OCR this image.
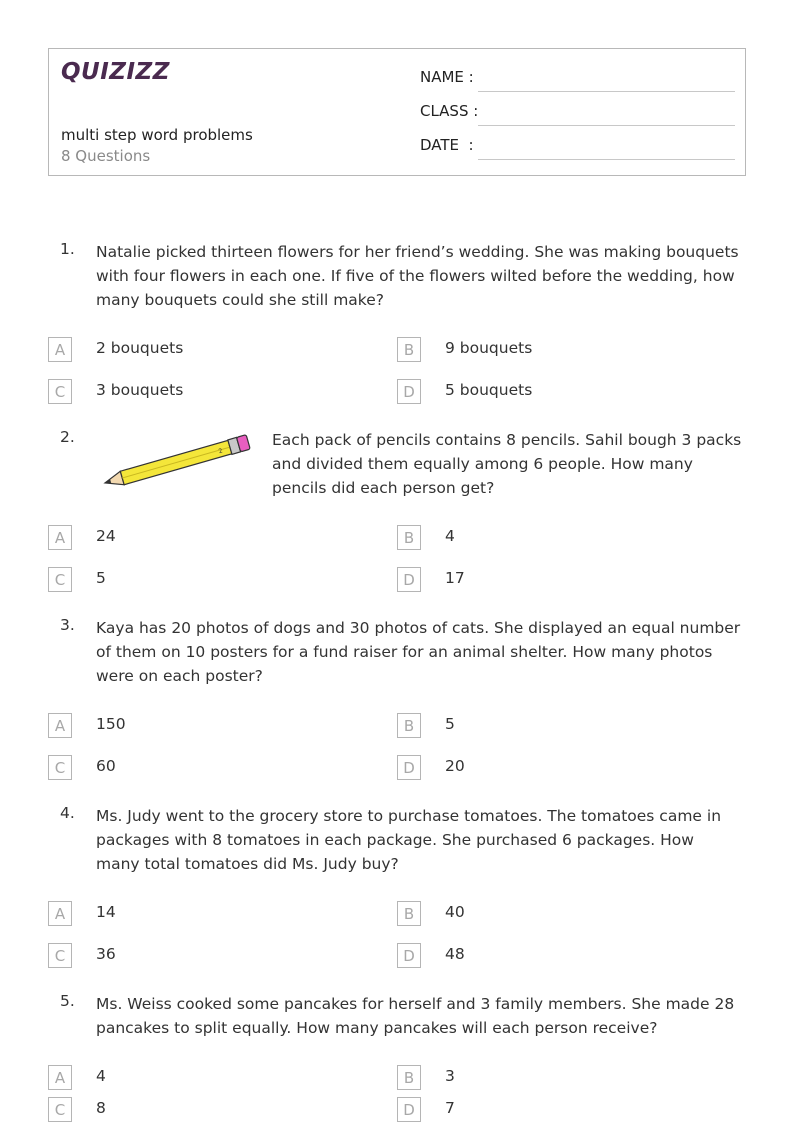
QUIZIZZ
multi step word problems
8 Questions
NAME :
CLASS :
DATE  :
1. Natalie picked thirteen flowers for her friend’s wedding. She was making bouquets with four flowers in each one. If five of the flowers wilted before the wedding, how many bouquets could she still make?
A	2 bouquets	B	9 bouquets
C	3 bouquets	D	5 bouquets
2.
2
Each pack of pencils contains 8 pencils. Sahil bough 3 packs and divided them equally among 6 people. How many pencils did each person get?
A	24	B	4
C	5	D	17
3. Kaya has 20 photos of dogs and 30 photos of cats. She displayed an equal number of them on 10 posters for a fund raiser for an animal shelter. How many photos were on each poster?
A	150	B	5
C	60	D	20
4. Ms. Judy went to the grocery store to purchase tomatoes. The tomatoes came in packages with 8 tomatoes in each package. She purchased 6 packages. How many total tomatoes did Ms. Judy buy?
A	14	B	40
C	36	D	48
5. Ms. Weiss cooked some pancakes for herself and 3 family members. She made 28 pancakes to split equally. How many pancakes will each person receive?
A	4	B	3
C	8	D	7
